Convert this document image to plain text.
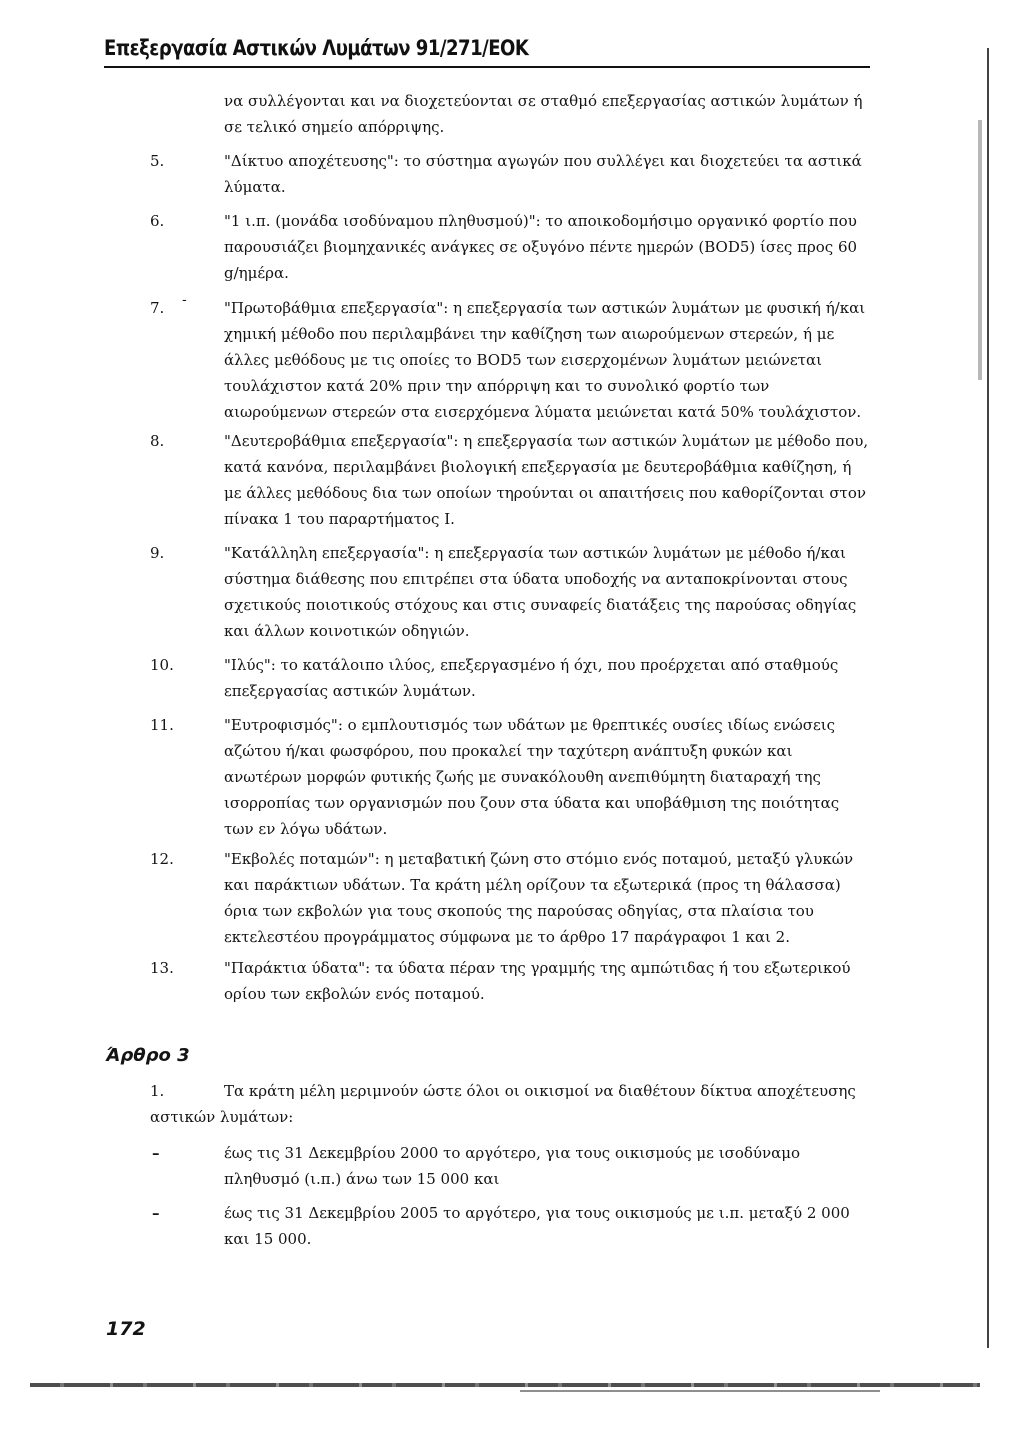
Επεξεργασία Αστικών Λυμάτων 91/271/ΕΟΚ
να συλλέγονται και να διοχετεύονται σε σταθμό επεξεργασίας αστικών λυμάτων ή σε τελικό σημείο απόρριψης.
5.	"Δίκτυο αποχέτευσης": το σύστημα αγωγών που συλλέγει και διοχετεύει τα αστικά λύματα.
6.	"1 ι.π. (μονάδα ισοδύναμου πληθυσμού)": το αποικοδομήσιμο οργανικό φορτίο που παρουσιάζει βιομηχανικές ανάγκες σε οξυγόνο πέντε ημερών (BOD5) ίσες προς 60 g/ημέρα.
-
7.	"Πρωτοβάθμια επεξεργασία": η επεξεργασία των αστικών λυμάτων με φυσική ή/και χημική μέθοδο που περιλαμβάνει την καθίζηση των αιωρούμενων στερεών, ή με άλλες μεθόδους με τις οποίες το BOD5 των εισερχομένων λυμάτων μειώνεται τουλάχιστον κατά 20% πριν την απόρριψη και το συνολικό φορτίο των αιωρούμενων στερεών στα εισερχόμενα λύματα μειώνεται κατά 50% τουλάχιστον.
8.	"Δευτεροβάθμια επεξεργασία": η επεξεργασία των αστικών λυμάτων με μέθοδο που, κατά κανόνα, περιλαμβάνει βιολογική επεξεργασία με δευτεροβάθμια καθίζηση, ή με άλλες μεθόδους δια των οποίων τηρούνται οι απαιτήσεις που καθορίζονται στον πίνακα 1 του παραρτήματος Ι.
9.	"Κατάλληλη επεξεργασία": η επεξεργασία των αστικών λυμάτων με μέθοδο ή/και σύστημα διάθεσης που επιτρέπει στα ύδατα υποδοχής να ανταποκρίνονται στους σχετικούς ποιοτικούς στόχους και στις συναφείς διατάξεις της παρούσας οδηγίας και άλλων κοινοτικών οδηγιών.
10.	"Ιλύς": το κατάλοιπο ιλύος, επεξεργασμένο ή όχι, που προέρχεται από σταθμούς επεξεργασίας αστικών λυμάτων.
11.	"Ευτροφισμός": ο εμπλουτισμός των υδάτων με θρεπτικές ουσίες ιδίως ενώσεις αζώτου ή/και φωσφόρου, που προκαλεί την ταχύτερη ανάπτυξη φυκών και ανωτέρων μορφών φυτικής ζωής με συνακόλουθη ανεπιθύμητη διαταραχή της ισορροπίας των οργανισμών που ζουν στα ύδατα και υποβάθμιση της ποιότητας των εν λόγω υδάτων.
12.	"Εκβολές ποταμών": η μεταβατική ζώνη στο στόμιο ενός ποταμού, μεταξύ γλυκών και παράκτιων υδάτων. Τα κράτη μέλη ορίζουν τα εξωτερικά (προς τη θάλασσα) όρια των εκβολών για τους σκοπούς της παρούσας οδηγίας, στα πλαίσια του εκτελεστέου προγράμματος σύμφωνα με το άρθρο 17 παράγραφοι 1 και 2.
13.	"Παράκτια ύδατα": τα ύδατα πέραν της γραμμής της αμπώτιδας ή του εξωτερικού ορίου των εκβολών ενός ποταμού.
Άρθρο 3
1.	Τα κράτη μέλη μεριμνούν ώστε όλοι οι οικισμοί να διαθέτουν δίκτυα αποχέτευσης
αστικών λυμάτων:
–	έως τις 31 Δεκεμβρίου 2000 το αργότερο, για τους οικισμούς με ισοδύναμο πληθυσμό (ι.π.) άνω των 15 000 και
–	έως τις 31 Δεκεμβρίου 2005 το αργότερο, για τους οικισμούς με ι.π. μεταξύ 2 000 και 15 000.
172
